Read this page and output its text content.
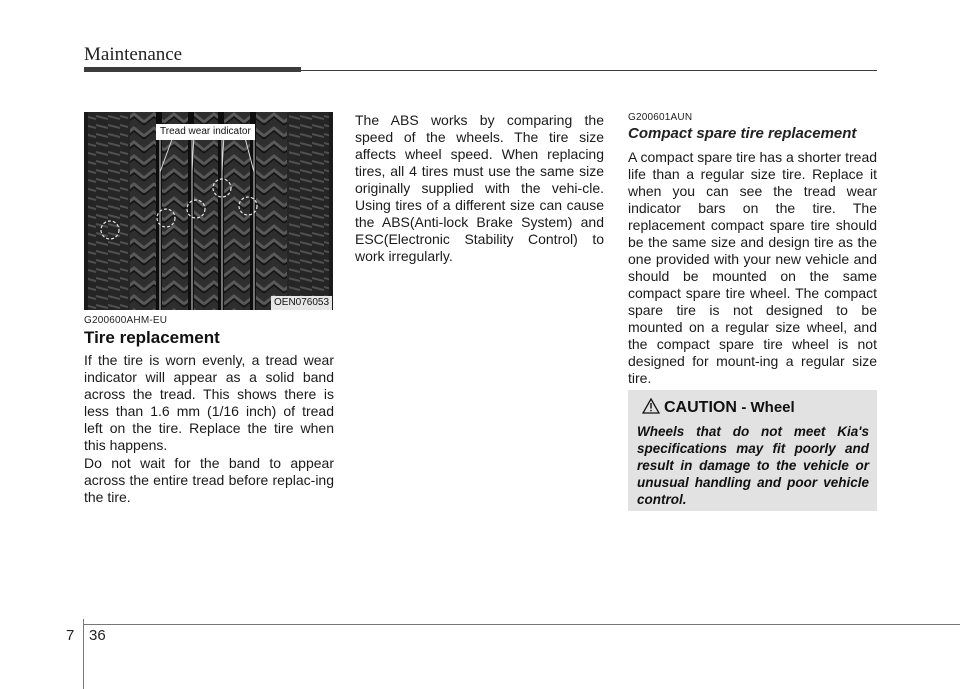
Maintenance
Tread wear indicator
OEN076053
G200600AHM-EU
Tire replacement

If the tire is worn evenly, a tread wear indicator will appear as a solid band across the tread. This shows there is less than 1.6 mm (1/16 inch) of tread left on the tire. Replace the tire when this happens.

Do not wait for the band to appear across the entire tread before replac-ing the tire.

The ABS works by comparing the speed of the wheels. The tire size affects wheel speed. When replacing tires, all 4 tires must use the same size originally supplied with the vehi-cle. Using tires of a different size can cause the ABS(Anti-lock Brake System) and ESC(Electronic Stability Control) to work irregularly.

G200601AUN
Compact spare tire replacement

A compact spare tire has a shorter tread life than a regular size tire. Replace it when you can see the tread wear indicator bars on the tire. The replacement compact spare tire should be the same size and design tire as the one provided with your new vehicle and should be mounted on the same compact spare tire wheel. The compact spare tire is not designed to be mounted on a regular size wheel, and the compact spare tire wheel is not designed for mount-ing a regular size tire.

CAUTION - Wheel

Wheels that do not meet Kia's specifications may fit poorly and result in damage to the vehicle or unusual handling and poor vehicle control.

7 36
